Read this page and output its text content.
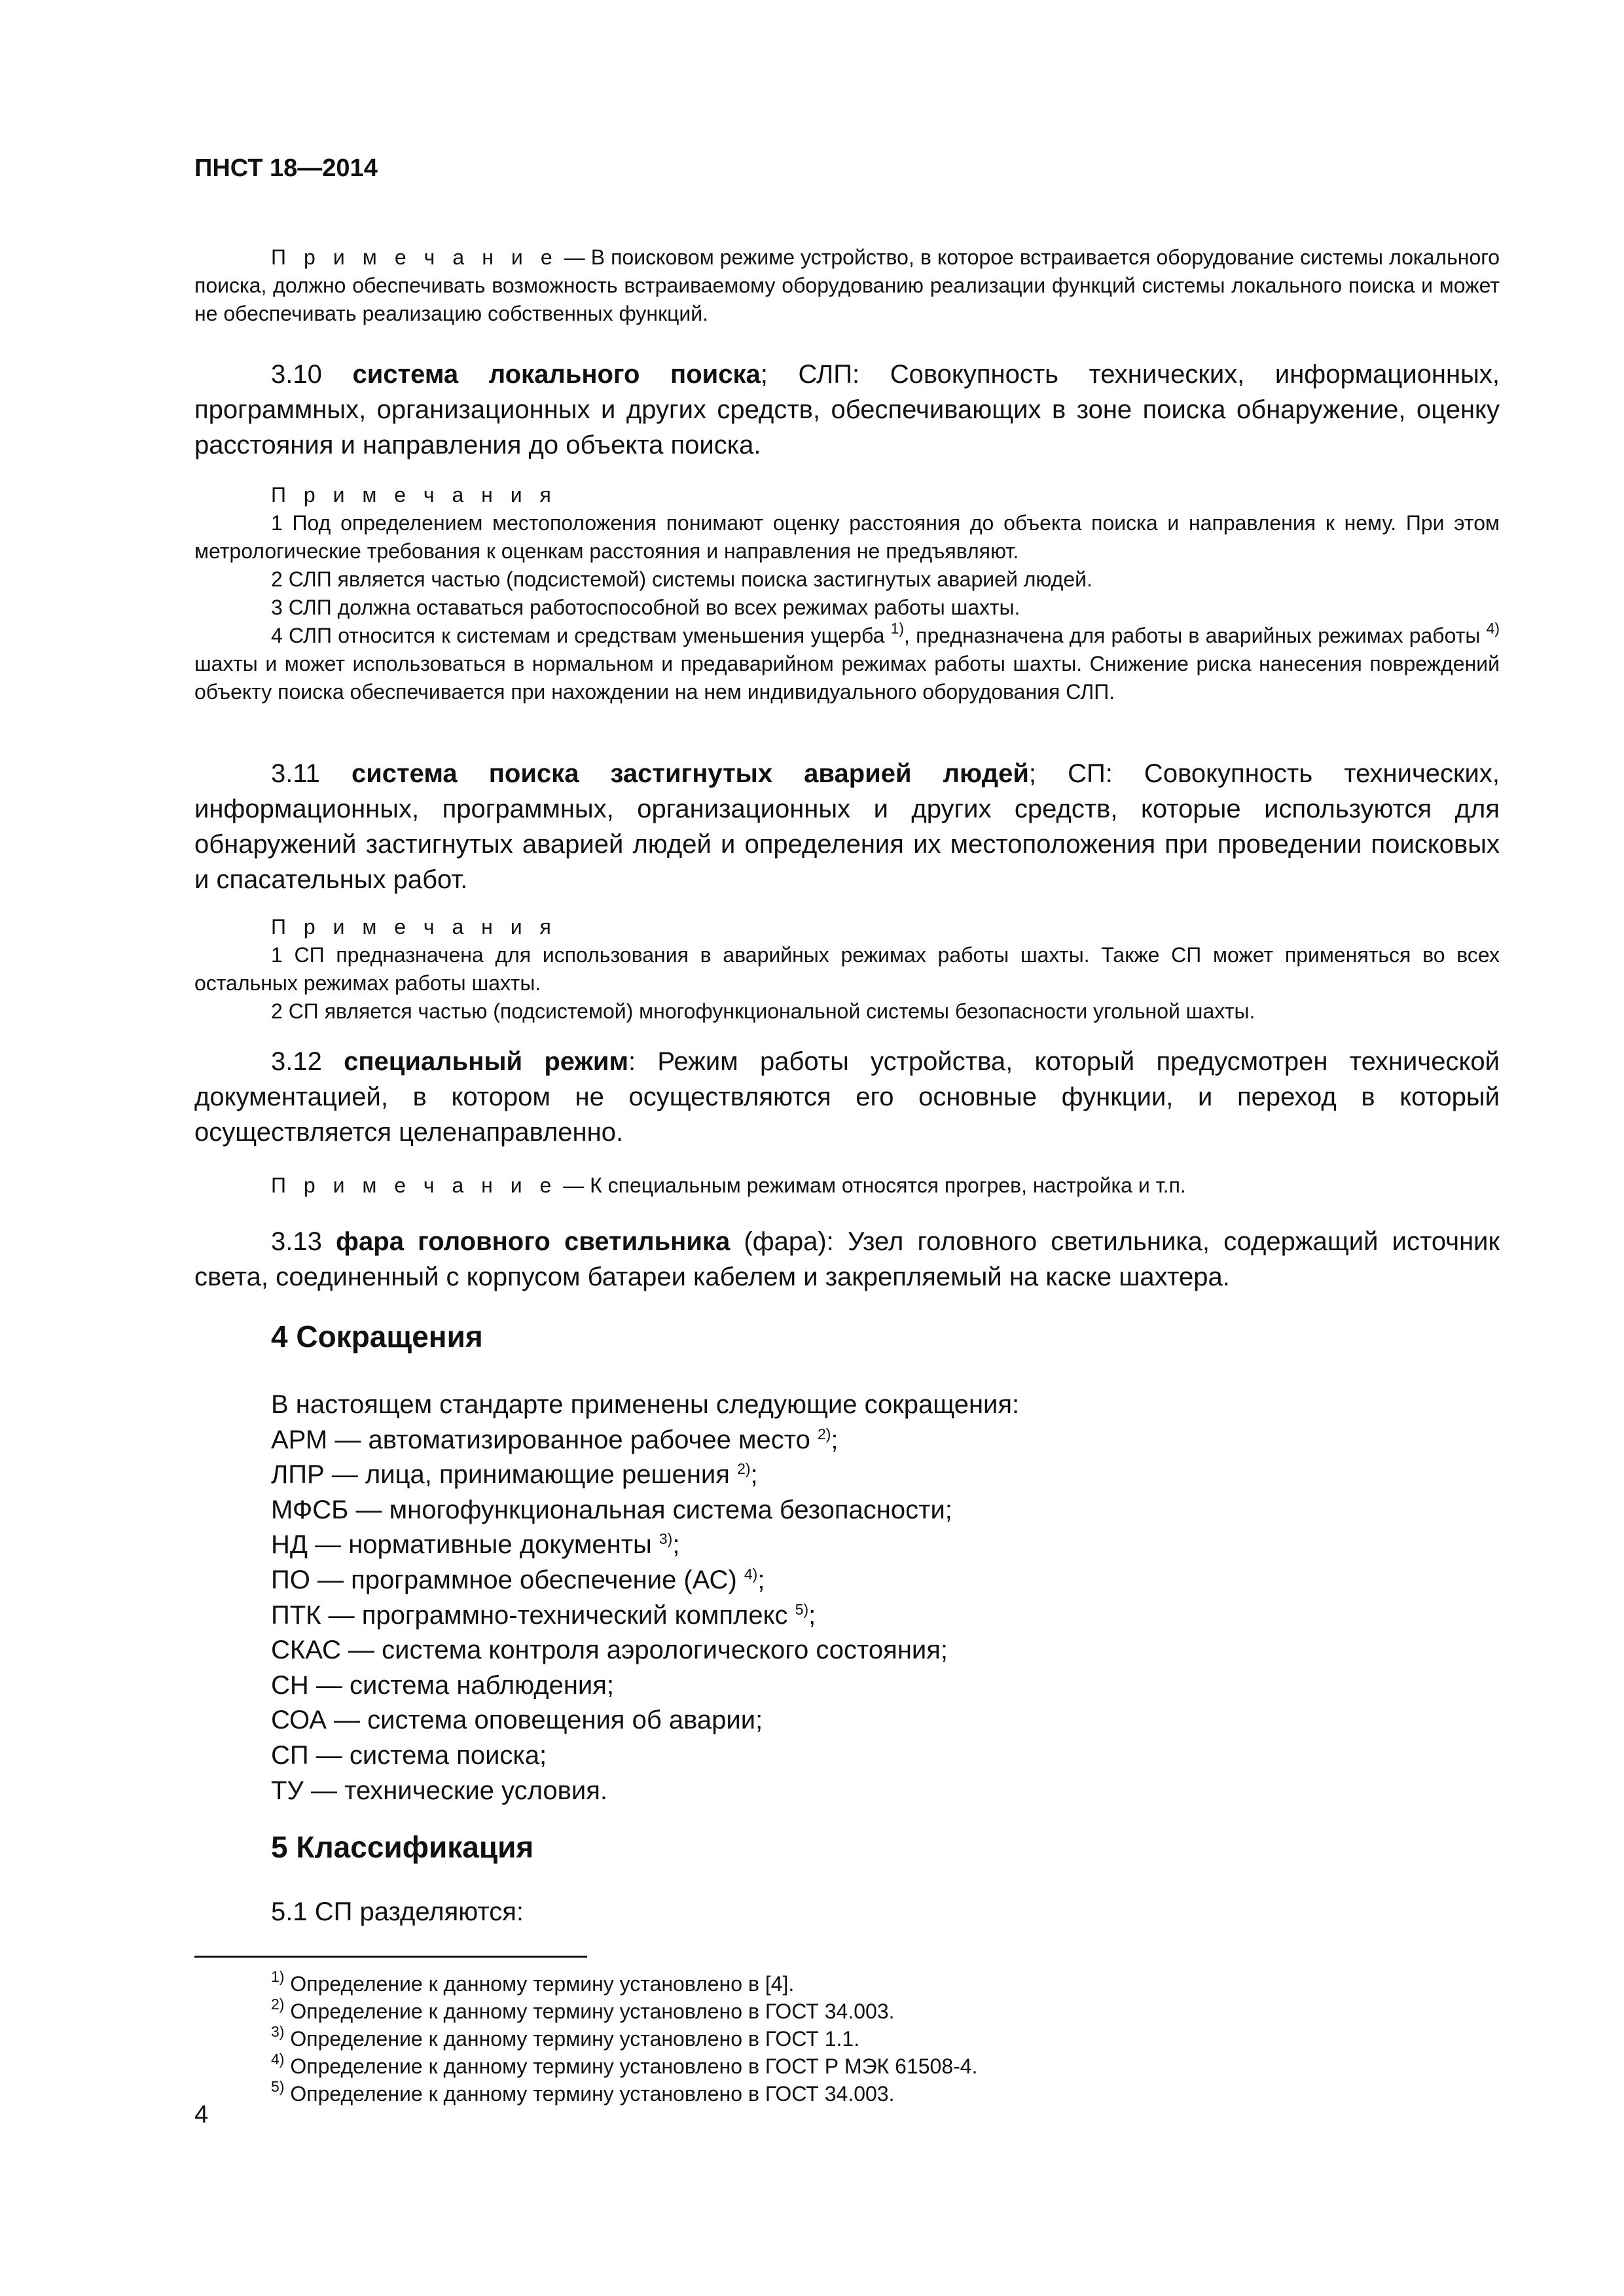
ПНСТ 18—2014
П р и м е ч а н и е — В поисковом режиме устройство, в которое встраивается оборудование системы локального поиска, должно обеспечивать возможность встраиваемому оборудованию реализации функций системы локального поиска и может не обеспечивать реализацию собственных функций.
3.10 система локального поиска; СЛП: Совокупность технических, информационных, программных, организационных и других средств, обеспечивающих в зоне поиска обнаружение, оценку расстояния и направления до объекта поиска.

П р и м е ч а н и я

1 Под определением местоположения понимают оценку расстояния до объекта поиска и направления к нему. При этом метрологические требования к оценкам расстояния и направления не предъявляют.

2 СЛП является частью (подсистемой) системы поиска застигнутых аварией людей.

3 СЛП должна оставаться работоспособной во всех режимах работы шахты.

4 СЛП относится к системам и средствам уменьшения ущерба $^{1)}$, предназначена для работы в аварийных режимах работы $^{4)}$ шахты и может использоваться в нормальном и предаварийном режимах работы шахты. Снижение риска нанесения повреждений объекту поиска обеспечивается при нахождении на нем индивидуального оборудования СЛП.

3.11 система поиска застигнутых аварией людей; СП: Совокупность технических, информационных, программных, организационных и других средств, которые используются для обнаружений застигнутых аварией людей и определения их местоположения при проведении поисковых и спасательных работ.

П р и м е ч а н и я

1 СП предназначена для использования в аварийных режимах работы шахты. Также СП может применяться во всех остальных режимах работы шахты.

2 СП является частью (подсистемой) многофункциональной системы безопасности угольной шахты.

3.12 специальный режим: Режим работы устройства, который предусмотрен технической документацией, в котором не осуществляются его основные функции, и переход в который осуществляется целенаправленно.
П р и м е ч а н и е — К специальным режимам относятся прогрев, настройка и т.п.
3.13 фара головного светильника (фара): Узел головного светильника, содержащий источник света, соединенный с корпусом батареи кабелем и закрепляемый на каске шахтера.
4 Сокращения
В настоящем стандарте применены следующие сокращения:
АРМ — автоматизированное рабочее место $^{2)}$;
ЛПР — лица, принимающие решения $^{2)}$;
МФСБ — многофункциональная система безопасности;
НД — нормативные документы $^{3)}$;
ПО — программное обеспечение (АС) $^{4)}$;
ПТК — программно-технический комплекс $^{5)}$;
СКАС — система контроля аэрологического состояния;
СН — система наблюдения;
СОА — система оповещения об аварии;
СП — система поиска;
ТУ — технические условия.
5 Классификация
5.1 СП разделяются:
$^{1)}$ Определение к данному термину установлено в [4].
$^{2)}$ Определение к данному термину установлено в ГОСТ 34.003.
$^{3)}$ Определение к данному термину установлено в ГОСТ 1.1.
$^{4)}$ Определение к данному термину установлено в ГОСТ Р МЭК 61508-4.
$^{5)}$ Определение к данному термину установлено в ГОСТ 34.003.
4
